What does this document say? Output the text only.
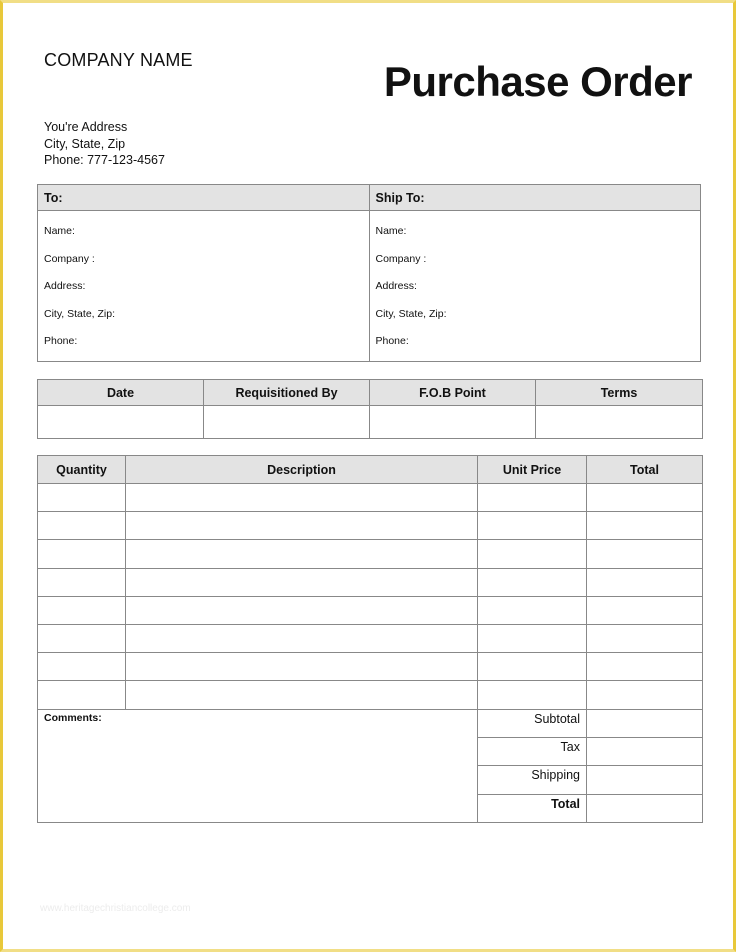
COMPANY NAME	Purchase Order
You're Address
City, State, Zip
Phone: 777-123-4567
To:
Name:
Company :
Address:
City, State, Zip:
Phone:
Ship To:
Name:
Company :
Address:
City, State, Zip:
Phone:
Date	Requisitioned By	F.O.B Point	Terms

Quantity	Description	Unit Price	Total

Comments:	Subtotal	
	Tax	
	Shipping	
	Total	
www.heritagechristiancollege.com
